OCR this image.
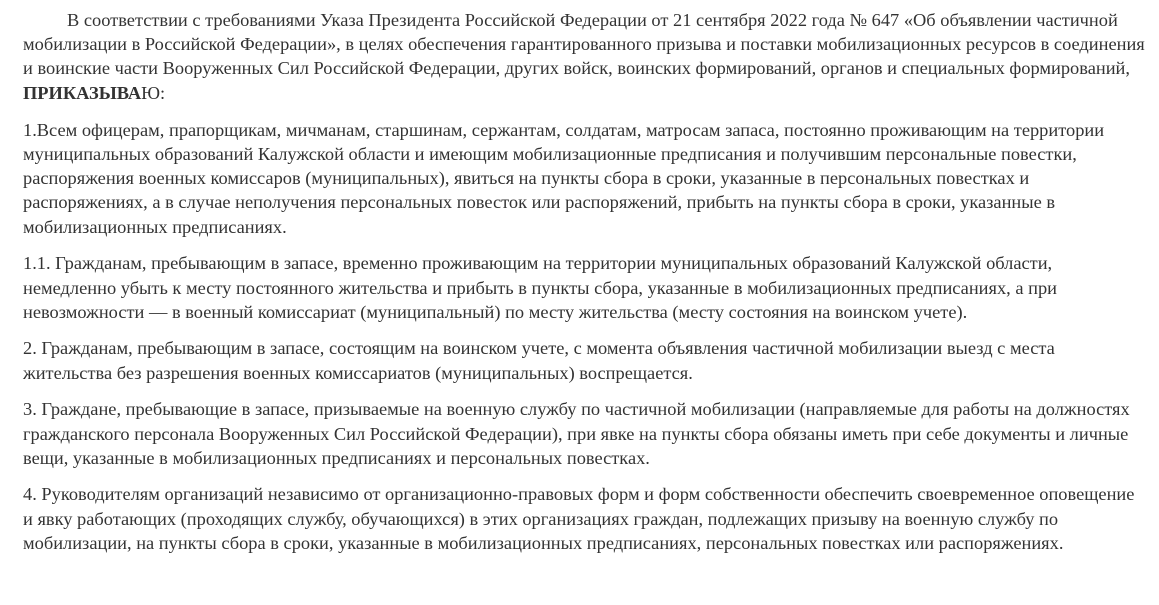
В соответствии с требованиями Указа Президента Российской Федерации от 21 сентября 2022 года № 647 «Об объявлении частичной мобилизации в Российской Федерации», в целях обеспечения гарантированного призыва и поставки мобилизационных ресурсов в соединения и воинские части Вооруженных Сил Российской Федерации, других войск, воинских формирований, органов и специальных формирований, ПРИКАЗЫВАЮ:

1.Всем офицерам, прапорщикам, мичманам, старшинам, сержантам, солдатам, матросам запаса, постоянно проживающим на территории муниципальных образований Калужской области и имеющим мобилизационные предписания и получившим персональные повестки, распоряжения военных комиссаров (муниципальных), явиться на пункты сбора в сроки, указанные в персональных повестках и распоряжениях, а в случае неполучения персональных повесток или распоряжений, прибыть на пункты сбора в сроки, указанные в мобилизационных предписаниях.

1.1. Гражданам, пребывающим в запасе, временно проживающим на территории муниципальных образований Калужской области, немедленно убыть к месту постоянного жительства и прибыть в пункты сбора, указанные в мобилизационных предписаниях, а при невозможности — в военный комиссариат (муниципальный) по месту жительства (месту состояния на воинском учете).

2. Гражданам, пребывающим в запасе, состоящим на воинском учете, с момента объявления частичной мобилизации выезд с места жительства без разрешения военных комиссариатов (муниципальных) воспрещается.

3. Граждане, пребывающие в запасе, призываемые на военную службу по частичной мобилизации (направляемые для работы на должностях гражданского персонала Вооруженных Сил Российской Федерации), при явке на пункты сбора обязаны иметь при себе документы и личные вещи, указанные в мобилизационных предписаниях и персональных повестках.

4. Руководителям организаций независимо от организационно-правовых форм и форм собственности обеспечить своевременное оповещение и явку работающих (проходящих службу, обучающихся) в этих организациях граждан, подлежащих призыву на военную службу по мобилизации, на пункты сбора в сроки, указанные в мобилизационных предписаниях, персональных повестках или распоряжениях.
